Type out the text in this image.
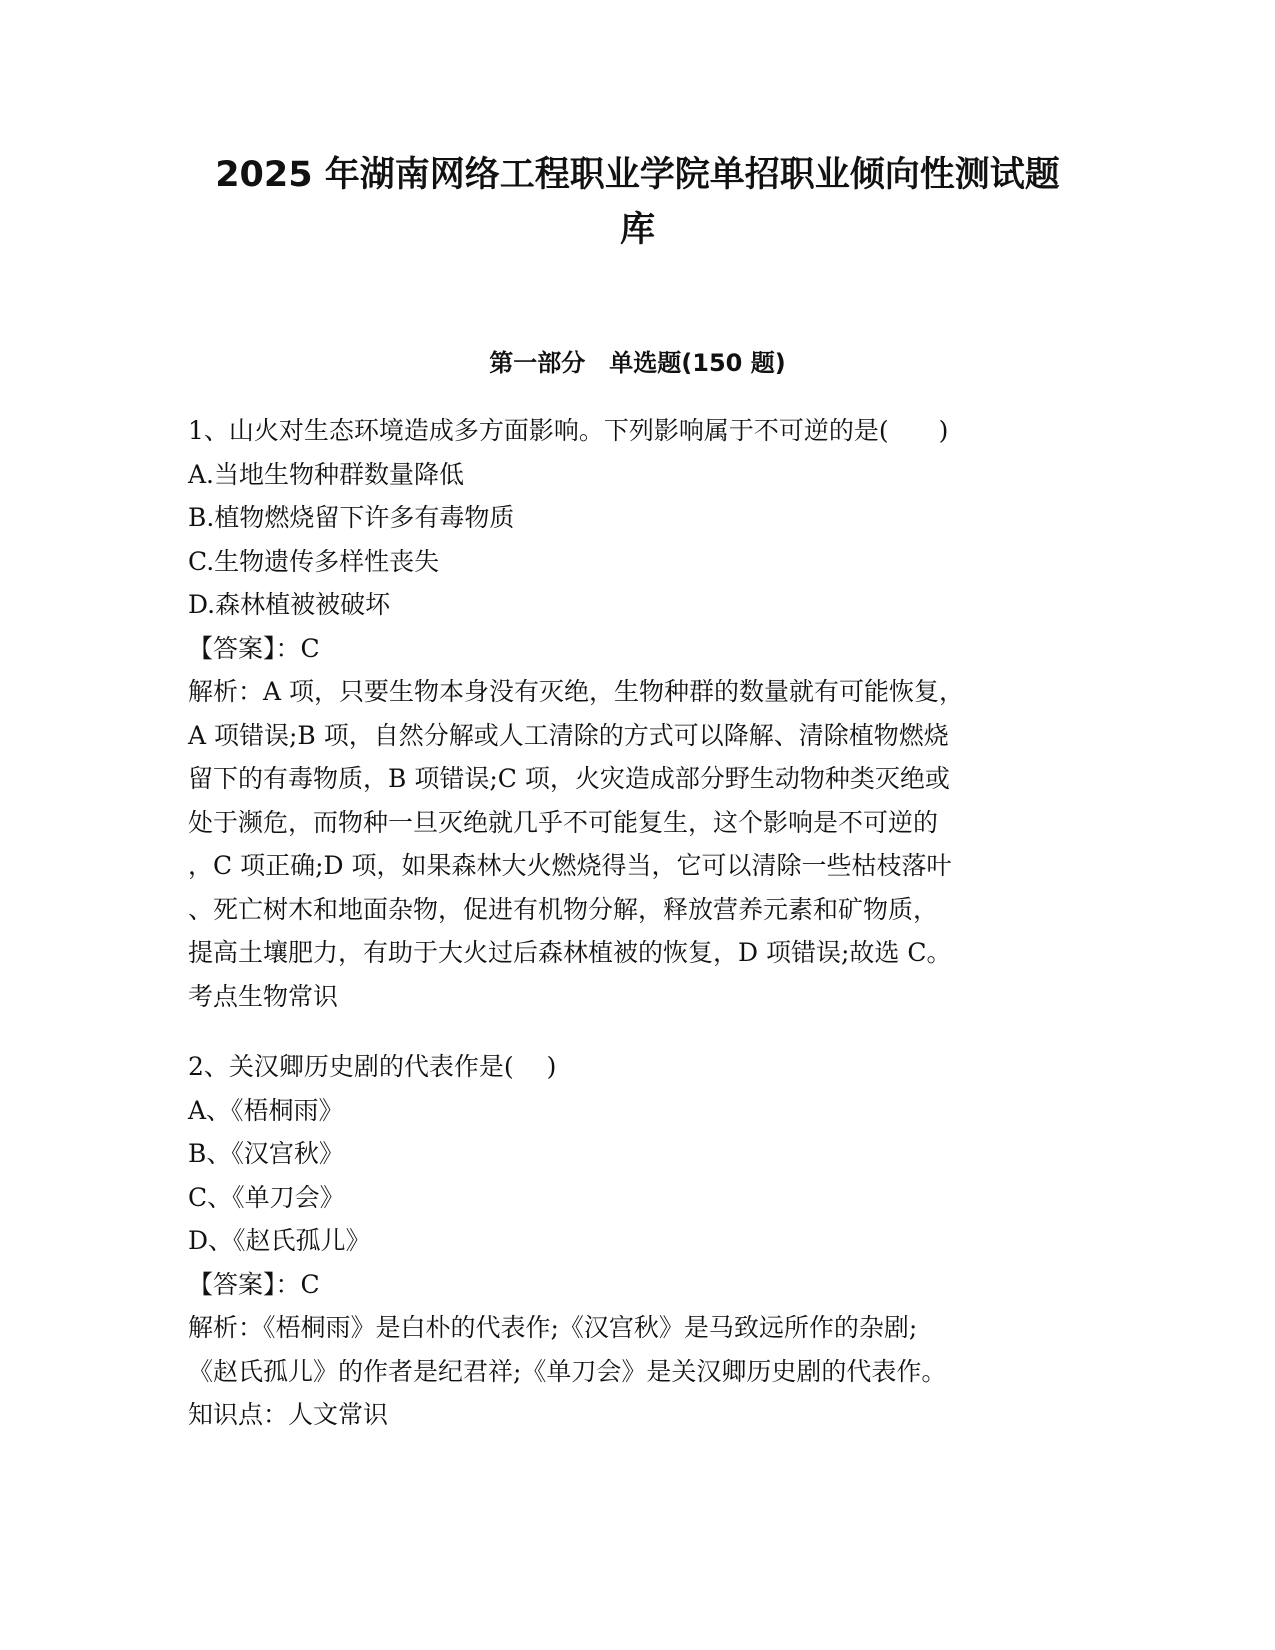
2025 年湖南网络工程职业学院单招职业倾向性测试题
库
第一部分　单选题(150 题)
1、山火对生态环境造成多方面影响。下列影响属于不可逆的是(　　)
A.当地生物种群数量降低
B.植物燃烧留下许多有毒物质
C.生物遗传多样性丧失
D.森林植被被破坏
【答案】：C
解析：A 项，只要生物本身没有灭绝，生物种群的数量就有可能恢复，
A 项错误;B 项，自然分解或人工清除的方式可以降解、清除植物燃烧
留下的有毒物质，B 项错误;C 项，火灾造成部分野生动物种类灭绝或
处于濒危，而物种一旦灭绝就几乎不可能复生，这个影响是不可逆的
，C 项正确;D 项，如果森林大火燃烧得当，它可以清除一些枯枝落叶
、死亡树木和地面杂物，促进有机物分解，释放营养元素和矿物质，
提高土壤肥力，有助于大火过后森林植被的恢复，D 项错误;故选 C。
考点生物常识
2、关汉卿历史剧的代表作是(　 )
A、《梧桐雨》
B、《汉宫秋》
C、《单刀会》
D、《赵氏孤儿》
【答案】：C
解析：《梧桐雨》是白朴的代表作;《汉宫秋》是马致远所作的杂剧;
《赵氏孤儿》的作者是纪君祥;《单刀会》是关汉卿历史剧的代表作。
知识点：人文常识
